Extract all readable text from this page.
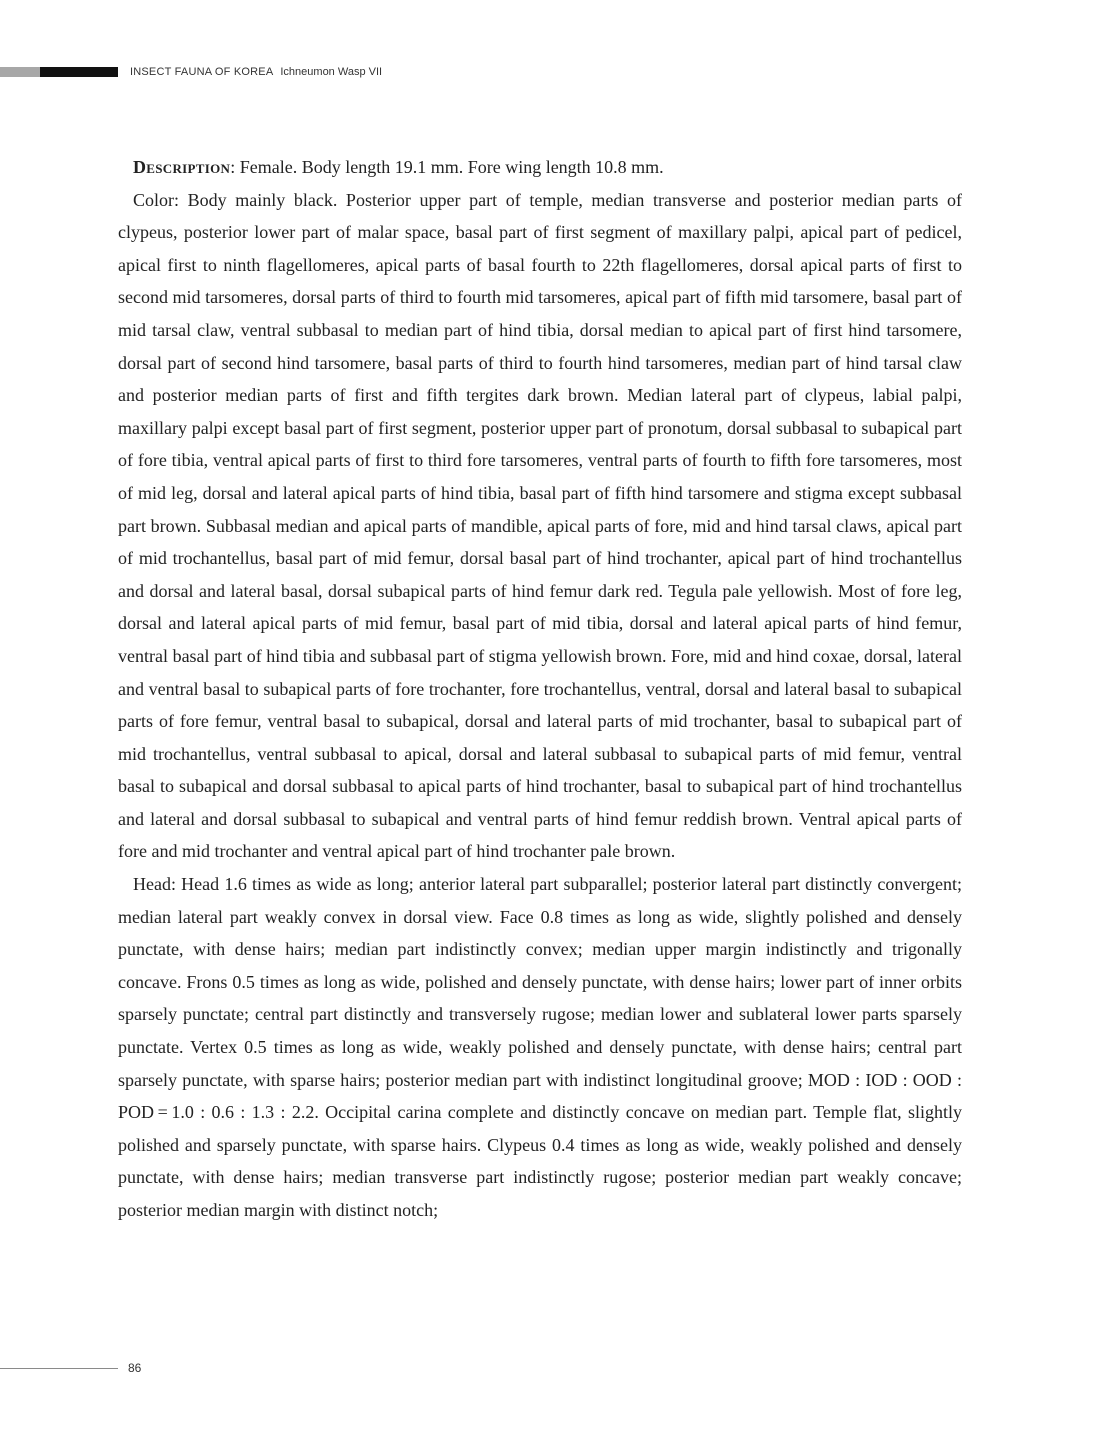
INSECT FAUNA OF KOREA Ichneumon Wasp VII

Description: Female. Body length 19.1 mm. Fore wing length 10.8 mm.

Color: Body mainly black. Posterior upper part of temple, median transverse and posterior median parts of clypeus, posterior lower part of malar space, basal part of first segment of maxillary palpi, apical part of pedicel, apical first to ninth flagellomeres, apical parts of basal fourth to 22th flagellomeres, dorsal apical parts of first to second mid tarsomeres, dorsal parts of third to fourth mid tarsomeres, apical part of fifth mid tarsomere, basal part of mid tarsal claw, ventral subbasal to median part of hind tibia, dorsal median to apical part of first hind tarsomere, dorsal part of second hind tarsomere, basal parts of third to fourth hind tarsomeres, median part of hind tarsal claw and posterior median parts of first and fifth tergites dark brown. Median lateral part of clypeus, labial palpi, maxillary palpi except basal part of first segment, posterior upper part of pronotum, dorsal subbasal to subapical part of fore tibia, ventral apical parts of first to third fore tarsomeres, ventral parts of fourth to fifth fore tarsomeres, most of mid leg, dorsal and lateral apical parts of hind tibia, basal part of fifth hind tarsomere and stigma except subbasal part brown. Subbasal median and apical parts of mandible, apical parts of fore, mid and hind tarsal claws, apical part of mid trochantellus, basal part of mid femur, dorsal basal part of hind trochanter, apical part of hind trochantellus and dorsal and lateral basal, dorsal subapical parts of hind femur dark red. Tegula pale yellowish. Most of fore leg, dorsal and lateral apical parts of mid femur, basal part of mid tibia, dorsal and lateral apical parts of hind femur, ventral basal part of hind tibia and subbasal part of stigma yellowish brown. Fore, mid and hind coxae, dorsal, lateral and ventral basal to subapical parts of fore trochanter, fore trochantellus, ventral, dorsal and lateral basal to subapical parts of fore femur, ventral basal to subapical, dorsal and lateral parts of mid trochanter, basal to subapical part of mid trochantellus, ventral subbasal to apical, dorsal and lateral subbasal to subapical parts of mid femur, ventral basal to subapical and dorsal subbasal to apical parts of hind trochanter, basal to subapical part of hind trochantellus and lateral and dorsal subbasal to subapical and ventral parts of hind femur reddish brown. Ventral apical parts of fore and mid trochanter and ventral apical part of hind trochanter pale brown.

Head: Head 1.6 times as wide as long; anterior lateral part subparallel; posterior lateral part distinctly convergent; median lateral part weakly convex in dorsal view. Face 0.8 times as long as wide, slightly polished and densely punctate, with dense hairs; median part indistinctly convex; median upper margin indistinctly and trigonally concave. Frons 0.5 times as long as wide, polished and densely punctate, with dense hairs; lower part of inner orbits sparsely punctate; central part distinctly and transversely rugose; median lower and sublateral lower parts sparsely punctate. Vertex 0.5 times as long as wide, weakly polished and densely punctate, with dense hairs; central part sparsely punctate, with sparse hairs; posterior median part with indistinct longitudinal groove; MOD : IOD : OOD : POD = 1.0 : 0.6 : 1.3 : 2.2. Occipital carina complete and distinctly concave on median part. Temple flat, slightly polished and sparsely punctate, with sparse hairs. Clypeus 0.4 times as long as wide, weakly polished and densely punctate, with dense hairs; median transverse part indistinctly rugose; posterior median part weakly concave; posterior median margin with distinct notch;

86
